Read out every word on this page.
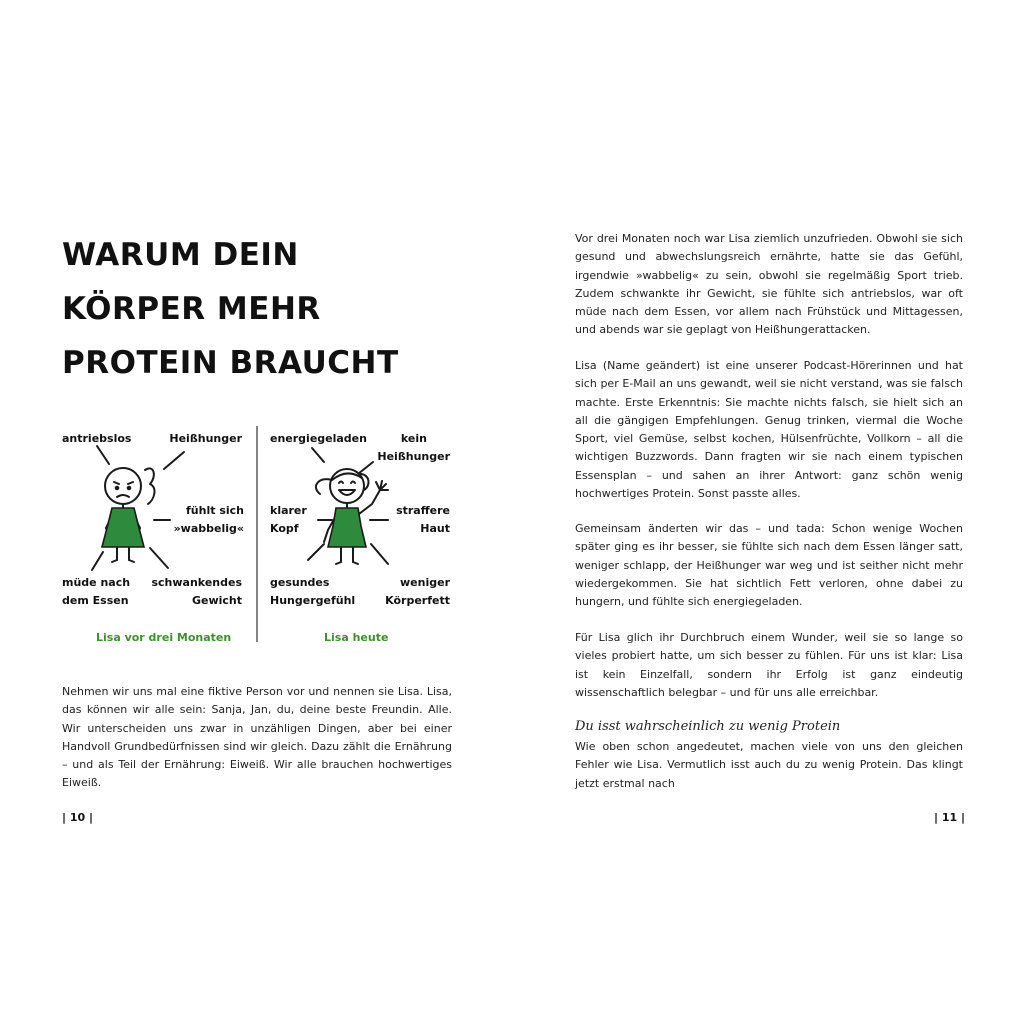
WARUM DEIN
KÖRPER MEHR
PROTEIN BRAUCHT
antriebslos	Heißhunger
fühlt sich
»wabbelig«
müde nach
dem Essen
schwankendes
Gewicht
Lisa vor drei Monaten
energiegeladen	kein
Heißhunger
klarer
Kopf
straffere
Haut
gesundes
Hungergefühl
weniger
Körperfett
Lisa heute

Nehmen wir uns mal eine fiktive Person vor und nennen sie Lisa. Lisa, das können wir alle sein: Sanja, Jan, du, deine beste Freundin. Alle. Wir unterscheiden uns zwar in unzähligen Dingen, aber bei einer Handvoll Grundbedürfnissen sind wir gleich. Dazu zählt die Ernährung – und als Teil der Ernährung: Eiweiß. Wir alle brauchen hochwertiges Eiweiß.

| 10 |

Vor drei Monaten noch war Lisa ziemlich unzufrieden. Obwohl sie sich gesund und abwechslungsreich ernährte, hatte sie das Gefühl, irgendwie »wabbelig« zu sein, obwohl sie regelmäßig Sport trieb. Zudem schwankte ihr Gewicht, sie fühlte sich antriebslos, war oft müde nach dem Essen, vor allem nach Frühstück und Mittagessen, und abends war sie geplagt von Heißhungerattacken.

Lisa (Name geändert) ist eine unserer Podcast-Hörerinnen und hat sich per E-Mail an uns gewandt, weil sie nicht verstand, was sie falsch machte. Erste Erkenntnis: Sie machte nichts falsch, sie hielt sich an all die gängigen Empfehlungen. Genug trinken, viermal die Woche Sport, viel Gemüse, selbst kochen, Hülsenfrüchte, Vollkorn – all die wichtigen Buzzwords. Dann fragten wir sie nach einem typischen Essensplan – und sahen an ihrer Antwort: ganz schön wenig hochwertiges Protein. Sonst passte alles.

Gemeinsam änderten wir das – und tada: Schon wenige Wochen später ging es ihr besser, sie fühlte sich nach dem Essen länger satt, weniger schlapp, der Heißhunger war weg und ist seither nicht mehr wiedergekommen. Sie hat sichtlich Fett verloren, ohne dabei zu hungern, und fühlte sich energiegeladen.

Für Lisa glich ihr Durchbruch einem Wunder, weil sie so lange so vieles probiert hatte, um sich besser zu fühlen. Für uns ist klar: Lisa ist kein Einzelfall, sondern ihr Erfolg ist ganz eindeutig wissenschaftlich belegbar – und für uns alle erreichbar.

Du isst wahrscheinlich zu wenig Protein

Wie oben schon angedeutet, machen viele von uns den gleichen Fehler wie Lisa. Vermutlich isst auch du zu wenig Protein. Das klingt jetzt erstmal nach

| 11 |
